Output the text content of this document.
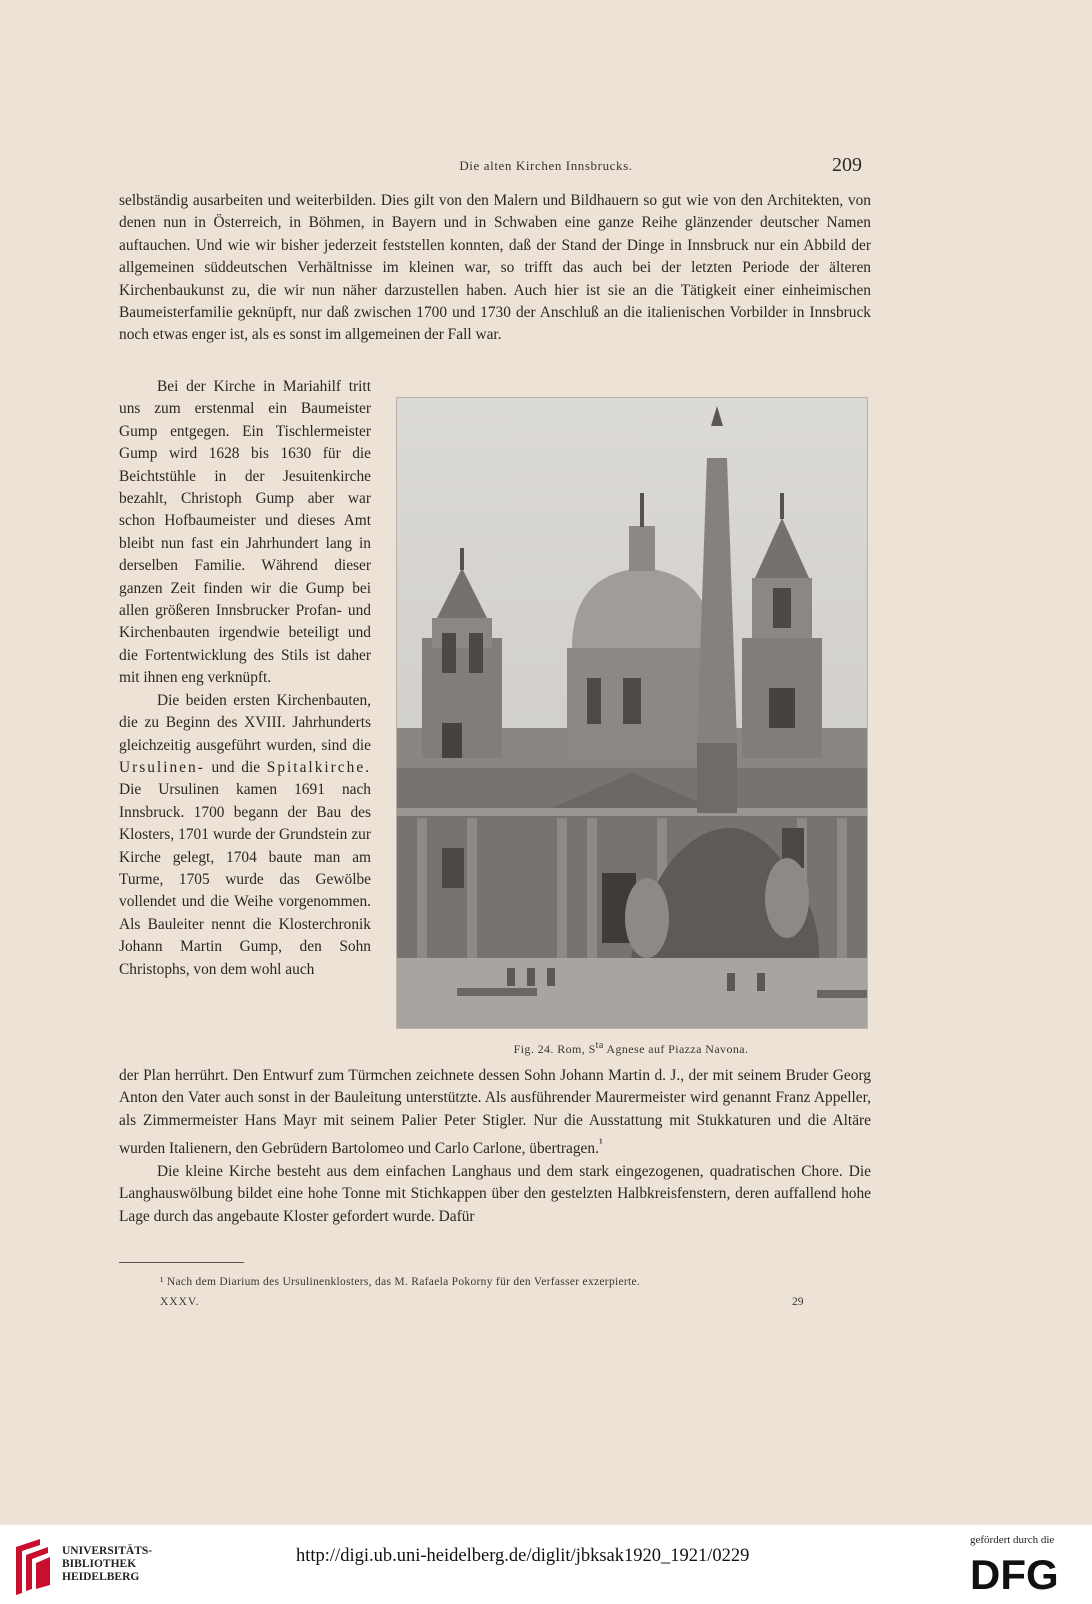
Die alten Kirchen Innsbrucks.	209

selbständig ausarbeiten und weiterbilden. Dies gilt von den Malern und Bildhauern so gut wie von den Architekten, von denen nun in Österreich, in Böhmen, in Bayern und in Schwaben eine ganze Reihe glänzender deutscher Namen auftauchen. Und wie wir bisher jederzeit feststellen konnten, daß der Stand der Dinge in Innsbruck nur ein Abbild der allgemeinen süddeutschen Verhältnisse im kleinen war, so trifft das auch bei der letzten Periode der älteren Kirchenbaukunst zu, die wir nun näher darzustellen haben. Auch hier ist sie an die Tätigkeit einer einheimischen Baumeisterfamilie geknüpft, nur daß zwischen 1700 und 1730 der Anschluß an die italienischen Vorbilder in Innsbruck noch etwas enger ist, als es sonst im allgemeinen der Fall war.

Bei der Kirche in Mariahilf tritt uns zum erstenmal ein Baumeister Gump entgegen. Ein Tischlermeister Gump wird 1628 bis 1630 für die Beichtstühle in der Jesuitenkirche bezahlt, Christoph Gump aber war schon Hofbaumeister und dieses Amt bleibt nun fast ein Jahrhundert lang in derselben Familie. Während dieser ganzen Zeit finden wir die Gump bei allen größeren Innsbrucker Profan- und Kirchenbauten irgendwie beteiligt und die Fortentwicklung des Stils ist daher mit ihnen eng verknüpft.

Die beiden ersten Kirchenbauten, die zu Beginn des XVIII. Jahrhunderts gleichzeitig ausgeführt wurden, sind die Ursulinen- und die Spitalkirche. Die Ursulinen kamen 1691 nach Innsbruck. 1700 begann der Bau des Klosters, 1701 wurde der Grundstein zur Kirche gelegt, 1704 baute man am Turme, 1705 wurde das Gewölbe vollendet und die Weihe vorgenommen. Als Bauleiter nennt die Klosterchronik Johann Martin Gump, den Sohn Christophs, von dem wohl auch

Fig. 24. Rom, $S^{ta}$ Agnese auf Piazza Navona.

der Plan herrührt. Den Entwurf zum Türmchen zeichnete dessen Sohn Johann Martin d. J., der mit seinem Bruder Georg Anton den Vater auch sonst in der Bauleitung unterstützte. Als ausführender Maurermeister wird genannt Franz Appeller, als Zimmermeister Hans Mayr mit seinem Palier Peter Stigler. Nur die Ausstattung mit Stukkaturen und die Altäre wurden Italienern, den Gebrüdern Bartolomeo und Carlo Carlone, übertragen.$^{^1}$

Die kleine Kirche besteht aus dem einfachen Langhaus und dem stark eingezogenen, quadratischen Chore. Die Langhauswölbung bildet eine hohe Tonne mit Stichkappen über den gestelzten Halbkreisfenstern, deren auffallend hohe Lage durch das angebaute Kloster gefordert wurde. Dafür

¹ Nach dem Diarium des Ursulinenklosters, das M. Rafaela Pokorny für den Verfasser exzerpierte.
XXXV.	29
UNIVERSITÄTS-
BIBLIOTHEK
HEIDELBERG
http://digi.ub.uni-heidelberg.de/diglit/jbksak1920_1921/0229
gefördert durch die
DFG
